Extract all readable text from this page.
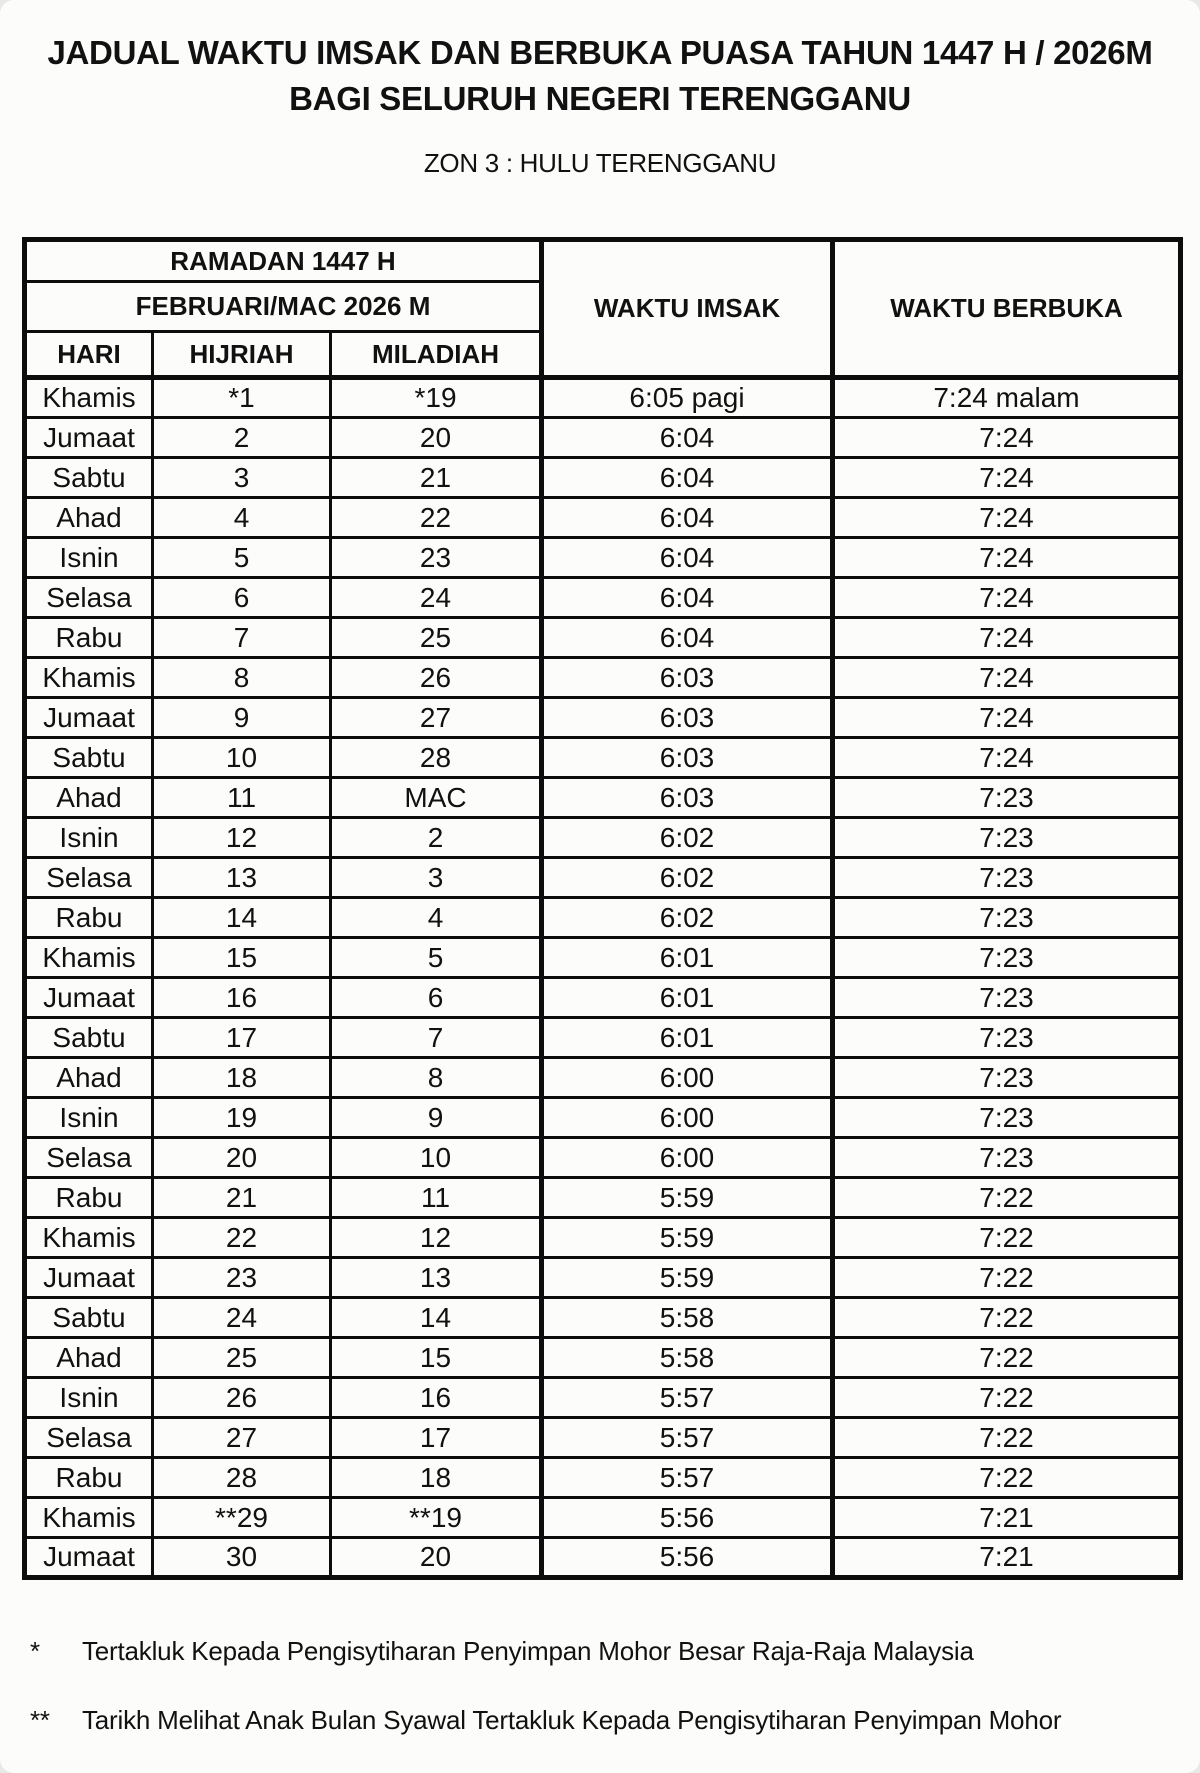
JADUAL WAKTU IMSAK DAN BERBUKA PUASA TAHUN 1447 H / 2026M
BAGI SELURUH NEGERI TERENGGANU
ZON 3 : HULU TERENGGANU
RAMADAN 1447 H			WAKTU IMSAK	WAKTU BERBUKA
FEBRUARI/MAC 2026 M				
HARI	HIJRIAH	MILADIAH		
Khamis	*1	*19	6:05 pagi	7:24 malam
Jumaat	2	20	6:04	7:24
Sabtu	3	21	6:04	7:24
Ahad	4	22	6:04	7:24
Isnin	5	23	6:04	7:24
Selasa	6	24	6:04	7:24
Rabu	7	25	6:04	7:24
Khamis	8	26	6:03	7:24
Jumaat	9	27	6:03	7:24
Sabtu	10	28	6:03	7:24
Ahad	11	MAC	6:03	7:23
Isnin	12	2	6:02	7:23
Selasa	13	3	6:02	7:23
Rabu	14	4	6:02	7:23
Khamis	15	5	6:01	7:23
Jumaat	16	6	6:01	7:23
Sabtu	17	7	6:01	7:23
Ahad	18	8	6:00	7:23
Isnin	19	9	6:00	7:23
Selasa	20	10	6:00	7:23
Rabu	21	11	5:59	7:22
Khamis	22	12	5:59	7:22
Jumaat	23	13	5:59	7:22
Sabtu	24	14	5:58	7:22
Ahad	25	15	5:58	7:22
Isnin	26	16	5:57	7:22
Selasa	27	17	5:57	7:22
Rabu	28	18	5:57	7:22
Khamis	**29	**19	5:56	7:21
Jumaat	30	20	5:56	7:21
*	Tertakluk Kepada Pengisytiharan Penyimpan Mohor Besar Raja-Raja Malaysia
**	Tarikh Melihat Anak Bulan Syawal Tertakluk Kepada Pengisytiharan Penyimpan Mohor
